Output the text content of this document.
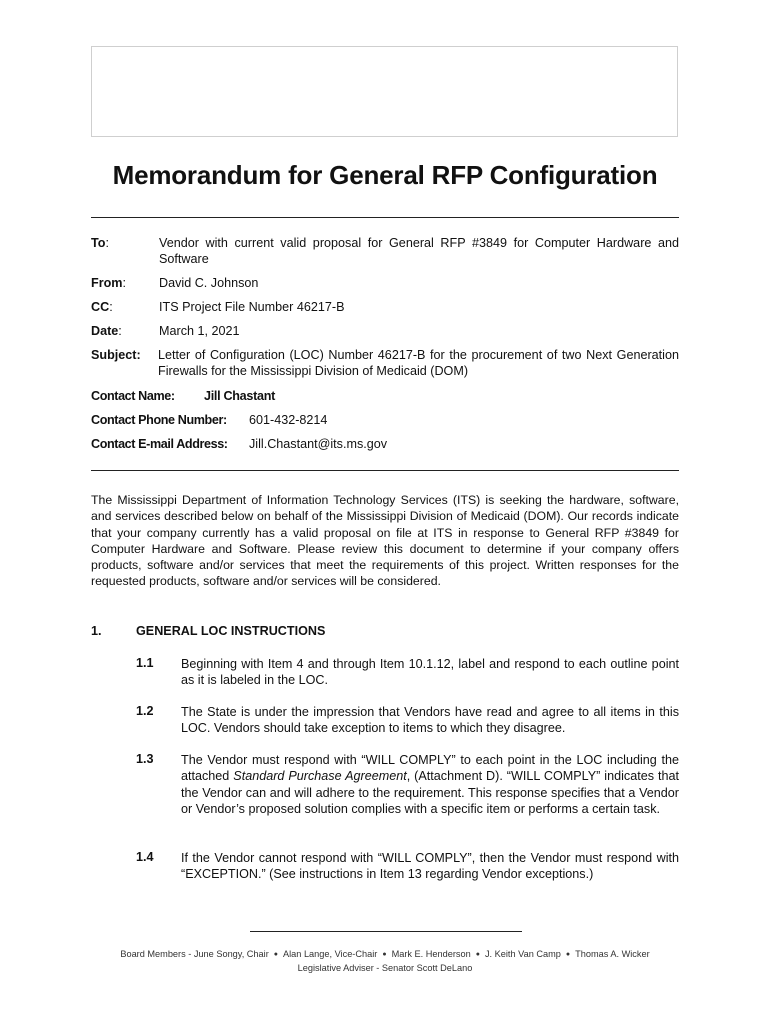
Memorandum for General RFP Configuration
To:	Vendor with current valid proposal for General RFP #3849 for Computer Hardware and Software
From:	David C. Johnson
CC:	ITS Project File Number 46217-B
Date:	March 1, 2021
Subject: Letter of Configuration (LOC) Number 46217-B for the procurement of two Next Generation Firewalls for the Mississippi Division of Medicaid (DOM)
Contact Name: Jill Chastant
Contact Phone Number: 601-432-8214
Contact E-mail Address: Jill.Chastant@its.ms.gov
The Mississippi Department of Information Technology Services (ITS) is seeking the hardware, software, and services described below on behalf of the Mississippi Division of Medicaid (DOM). Our records indicate that your company currently has a valid proposal on file at ITS in response to General RFP #3849 for Computer Hardware and Software. Please review this document to determine if your company offers products, software and/or services that meet the requirements of this project. Written responses for the requested products, software and/or services will be considered.
1.	GENERAL LOC INSTRUCTIONS
1.1 Beginning with Item 4 and through Item 10.1.12, label and respond to each outline point as it is labeled in the LOC.
1.2 The State is under the impression that Vendors have read and agree to all items in this LOC. Vendors should take exception to items to which they disagree.
1.3 The Vendor must respond with “WILL COMPLY” to each point in the LOC including the attached Standard Purchase Agreement, (Attachment D). “WILL COMPLY” indicates that the Vendor can and will adhere to the requirement. This response specifies that a Vendor or Vendor’s proposed solution complies with a specific item or performs a certain task.
1.4 If the Vendor cannot respond with “WILL COMPLY”, then the Vendor must respond with “EXCEPTION.” (See instructions in Item 13 regarding Vendor exceptions.)
Board Members - June Songy, Chair ● Alan Lange, Vice-Chair ● Mark E. Henderson ● J. Keith Van Camp ● Thomas A. Wicker
Legislative Adviser - Senator Scott DeLano
